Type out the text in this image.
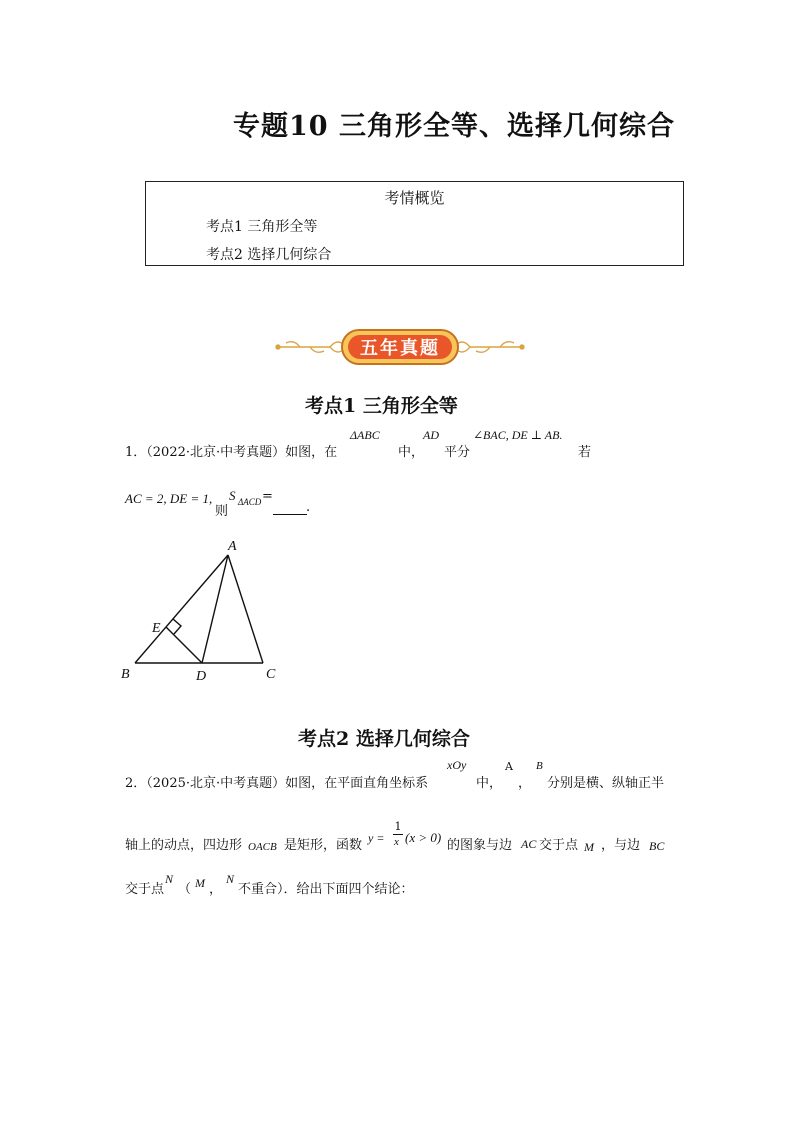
专题10 三角形全等、选择几何综合
考情概览
考点1 三角形全等
考点2 选择几何综合
五年真题
考点1 三角形全等
1．（2022·北京·中考真题）如图，在
ΔABC
中，
AD
平分
∠BAC, DE ⊥ AB.
若
AC = 2, DE = 1,
则
S ΔACD =
.
A
B	C
D
E
考点2 选择几何综合
2．（2025·北京·中考真题）如图，在平面直角坐标系
xOy
中，
A
，
B
分别是横、纵轴正半
轴上的动点，四边形 OACB 是矩形，函数 y =
1
x (x > 0)
的图象与边 AC 交于点 M ，与边 BC
交于点
N
（ M ，
N
不重合）．给出下面四个结论：
